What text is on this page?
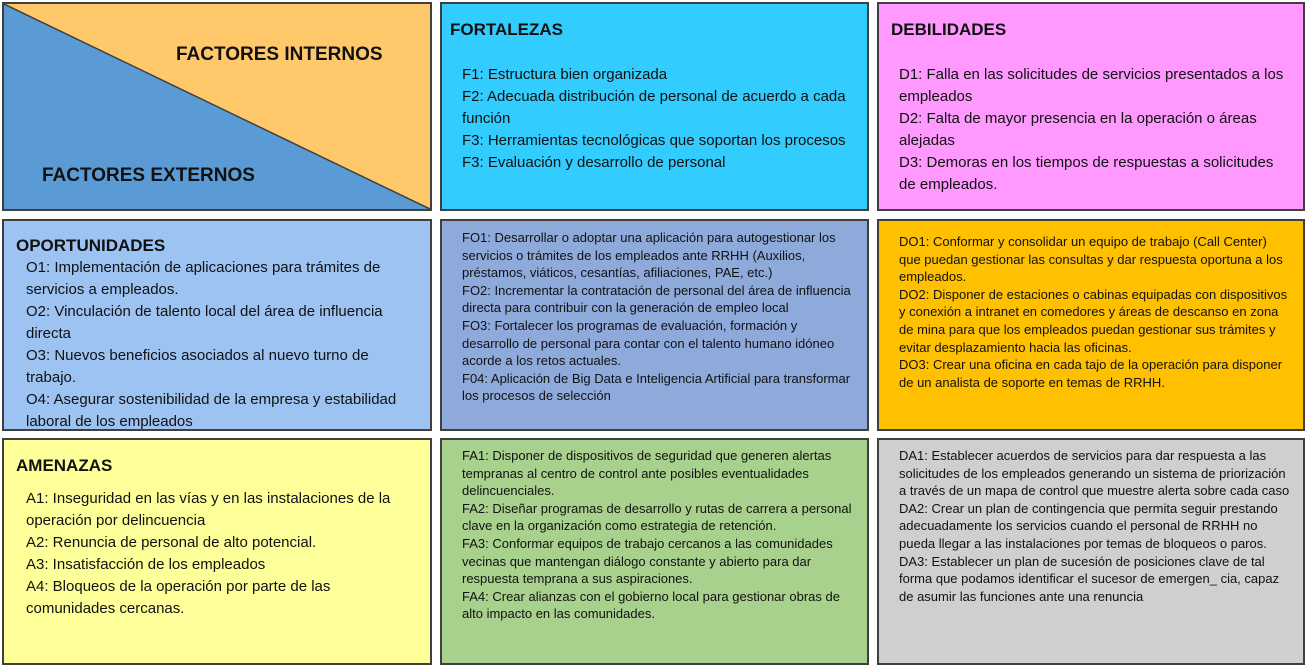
FACTORES INTERNOS
FACTORES EXTERNOS
FORTALEZAS
F1: Estructura bien organizada
F2: Adecuada distribución de personal de acuerdo a cada función
F3: Herramientas tecnológicas que soportan los procesos
F3: Evaluación y desarrollo de personal
DEBILIDADES
D1: Falla en las solicitudes de servicios presentados a los empleados
D2: Falta de mayor presencia en la operación o áreas alejadas
D3: Demoras en los tiempos de respuestas a solicitudes de empleados.
OPORTUNIDADES
O1: Implementación de aplicaciones para trámites de servicios a empleados.
O2: Vinculación de talento local del área de influencia directa
O3: Nuevos beneficios asociados al nuevo turno de trabajo.
O4: Asegurar sostenibilidad de la empresa y estabilidad laboral de los empleados
FO1: Desarrollar o adoptar una aplicación para autogestionar los servicios o trámites de los empleados ante RRHH (Auxilios, préstamos, viáticos, cesantías, afiliaciones, PAE, etc.)
FO2: Incrementar la contratación de personal del área de influencia directa para contribuir con la generación de empleo local
FO3: Fortalecer los programas de evaluación, formación y desarrollo de personal para contar con el talento humano idóneo acorde a los retos actuales.
F04: Aplicación de Big Data e Inteligencia Artificial para transformar los procesos de selección
DO1: Conformar y consolidar un equipo de trabajo (Call Center) que puedan gestionar las consultas y dar respuesta oportuna a los empleados.
DO2: Disponer de estaciones o cabinas equipadas con dispositivos y conexión a intranet en comedores y áreas de descanso en zona de mina para que los empleados puedan gestionar sus trámites y evitar desplazamiento hacia las oficinas.
DO3: Crear una oficina en cada tajo de la operación para disponer de un analista de soporte en temas de RRHH.
AMENAZAS
A1: Inseguridad en las vías y en las instalaciones de la operación por delincuencia
A2: Renuncia de personal de alto potencial.
A3: Insatisfacción de los empleados
A4: Bloqueos de la operación por parte de las comunidades cercanas.
FA1: Disponer de dispositivos de seguridad que generen alertas tempranas al centro de control ante posibles eventualidades delincuenciales.
FA2: Diseñar programas de desarrollo y rutas de carrera a personal clave en la organización como estrategia de retención.
FA3: Conformar equipos de trabajo cercanos a las comunidades vecinas que mantengan diálogo constante y abierto para dar respuesta temprana a sus aspiraciones.
FA4: Crear alianzas con el gobierno local para gestionar obras de alto impacto en las comunidades.
DA1: Establecer acuerdos de servicios para dar respuesta a las solicitudes de los empleados generando un sistema de priorización a través de un mapa de control que muestre alerta sobre cada caso
DA2: Crear un plan de contingencia que permita seguir prestando adecuadamente los servicios cuando el personal de RRHH no pueda llegar a las instalaciones por temas de bloqueos o paros.
DA3: Establecer un plan de sucesión de posiciones clave de tal forma que podamos identificar el sucesor de emergen_ cia, capaz de asumir las funciones ante una renuncia
